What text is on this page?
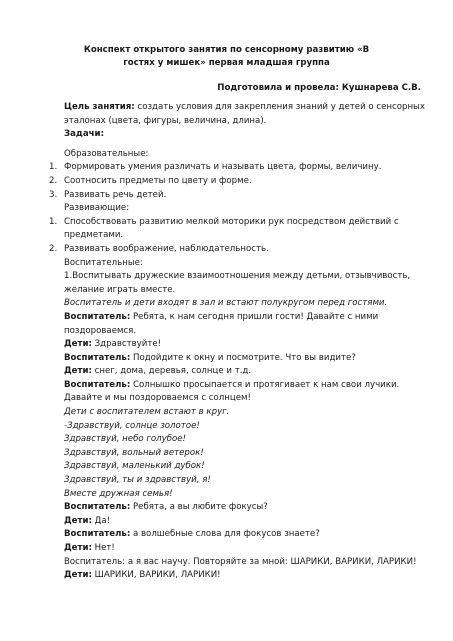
Конспект открытого занятия по сенсорному развитию «В гостях у мишек» первая младшая группа
Подготовила и провела: Кушнарева С.В.
Цель занятия: создать условия для закрепления знаний у детей о сенсорных
эталонах (цвета, фигуры, величина, длина).
Задачи:
Образовательные:
1. Формировать умения различать и называть цвета, формы, величину.
2. Соотносить предметы по цвету и форме.
3. Развивать речь детей.
Развивающие:
1. Способствовать развитию мелкой моторики рук посредством действий с
предметами.
2. Развивать воображение, наблюдательность.
Воспитательные:
1.Воспитывать дружеские взаимоотношения между детьми, отзывчивость,
желание играть вместе.
Воспитатель и дети входят в зал и встают полукругом перед гостями.
Воспитатель: Ребята, к нам сегодня пришли гости! Давайте с ними
поздороваемся.
Дети: Здравствуйте!
Воспитатель: Подойдите к окну и посмотрите. Что вы видите?
Дети: снег, дома, деревья, солнце и т.д.
Воспитатель: Солнышко просыпается и протягивает к нам свои лучики.
Давайте и мы поздороваемся с солнцем!
Дети с воспитателем встают в круг.
-Здравствуй, солнце золотое!
Здравствуй, небо голубое!
Здравствуй, вольный ветерок!
Здравствуй, маленький дубок!
Здравствуй, ты и здравствуй, я!
Вместе дружная семья!
Воспитатель: Ребята, а вы любите фокусы?
Дети: Да!
Воспитатель: а волшебные слова для фокусов знаете?
Дети: Нет!
Воспитатель: а я вас научу. Повторяйте за мной: ШАРИКИ, ВАРИКИ, ЛАРИКИ!
Дети: ШАРИКИ, ВАРИКИ, ЛАРИКИ!
